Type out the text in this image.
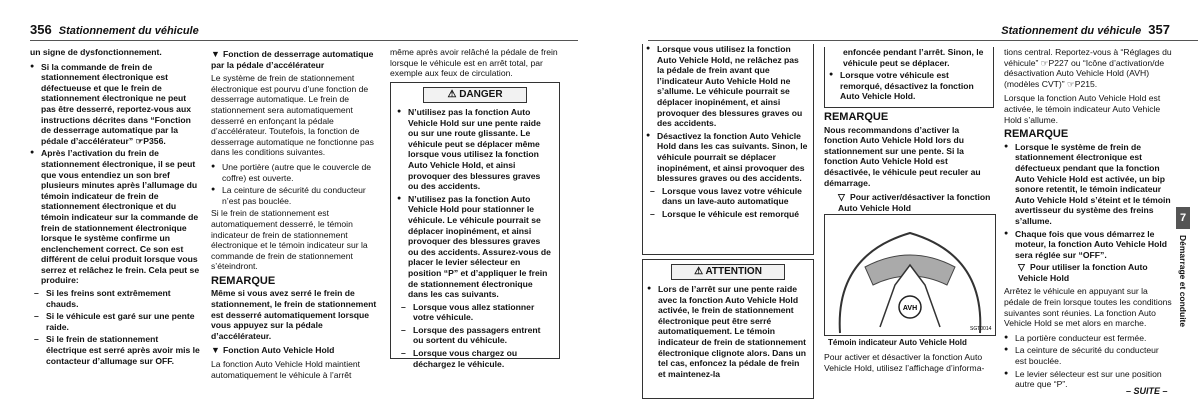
356 Stationnement du véhicule

un signe de dysfonctionnement.

● Si la commande de frein de stationnement électronique est défectueuse et que le frein de stationnement électronique ne peut pas être desserré, reportez-vous aux instructions décrites dans “Fonction de desserrage automatique par la pédale d’accélérateur” ☞P356.
● Après l’activation du frein de stationnement électronique, il se peut que vous entendiez un son bref plusieurs minutes après l’allumage du témoin indicateur de frein de stationnement électronique et du témoin indicateur sur la commande de frein de stationnement électronique lorsque le système confirme un enclenchement correct. Ce son est différent de celui produit lorsque vous serrez et relâchez le frein. Cela peut se produire:
– Si les freins sont extrêmement chauds.
– Si le véhicule est garé sur une pente raide.
– Si le frein de stationnement électrique est serré après avoir mis le contacteur d’allumage sur OFF.
▼ Fonction de desserrage automatique par la pédale d’accélérateur

Le système de frein de stationnement électronique est pourvu d’une fonction de desserrage automatique. Le frein de stationnement sera automatiquement desserré en enfonçant la pédale d’accélérateur. Toutefois, la fonction de desserrage automatique ne fonctionne pas dans les conditions suivantes.

● Une portière (autre que le couvercle de coffre) est ouverte.
● La ceinture de sécurité du conducteur n’est pas bouclée.

Si le frein de stationnement est automatiquement desserré, le témoin indicateur de frein de stationnement électronique et le témoin indicateur sur la commande de frein de stationnement s’éteindront.

REMARQUE

Même si vous avez serré le frein de stationnement, le frein de stationnement est desserré automatiquement lorsque vous appuyez sur la pédale d’accélérateur.

▼ Fonction Auto Vehicle Hold

La fonction Auto Vehicle Hold maintient automatiquement le véhicule à l’arrêt

même après avoir relâché la pédale de frein lorsque le véhicule est en arrêt total, par exemple aux feux de circulation.

⚠ DANGER
● N’utilisez pas la fonction Auto Vehicle Hold sur une pente raide ou sur une route glissante. Le véhicule peut se déplacer même lorsque vous utilisez la fonction Auto Vehicle Hold, et ainsi provoquer des blessures graves ou des accidents.
● N’utilisez pas la fonction Auto Vehicle Hold pour stationner le véhicule. Le véhicule pourrait se déplacer inopinément, et ainsi provoquer des blessures graves ou des accidents. Assurez-vous de placer le levier sélecteur en position “P” et d’appliquer le frein de stationnement électronique dans les cas suivants.
– Lorsque vous allez stationner votre véhicule.
– Lorsque des passagers entrent ou sortent du véhicule.
– Lorsque vous chargez ou déchargez le véhicule.
Stationnement du véhicule 357
● Lorsque vous utilisez la fonction Auto Vehicle Hold, ne relâchez pas la pédale de frein avant que l’indicateur Auto Vehicle Hold ne s’allume. Le véhicule pourrait se déplacer inopinément, et ainsi provoquer des blessures graves ou des accidents.
● Désactivez la fonction Auto Vehicle Hold dans les cas suivants. Sinon, le véhicule pourrait se déplacer inopinément, et ainsi provoquer des blessures graves ou des accidents.
– Lorsque vous lavez votre véhicule dans un lave-auto automatique
– Lorsque le véhicule est remorqué
⚠ ATTENTION
● Lors de l’arrêt sur une pente raide avec la fonction Auto Vehicle Hold activée, le frein de stationnement électronique peut être serré automatiquement. Le témoin indicateur de frein de stationnement électronique clignote alors. Dans un tel cas, enfoncez la pédale de frein et maintenez-la

enfoncée pendant l’arrêt. Sinon, le véhicule peut se déplacer.

● Lorsque votre véhicule est remorqué, désactivez la fonction Auto Vehicle Hold.
REMARQUE

Nous recommandons d’activer la fonction Auto Vehicle Hold lors du stationnement sur une pente. Si la fonction Auto Vehicle Hold est désactivée, le véhicule peut reculer au démarrage.

▽ Pour activer/désactiver la fonction Auto Vehicle Hold
AVH
SGT0014
Témoin indicateur Auto Vehicle Hold

Pour activer et désactiver la fonction Auto Vehicle Hold, utilisez l’affichage d’informa-

tions central. Reportez-vous à “Réglages du véhicule” ☞P227 ou “Icône d’activation/de désactivation Auto Vehicle Hold (AVH) (modèles CVT)” ☞P215.

Lorsque la fonction Auto Vehicle Hold est activée, le témoin indicateur Auto Vehicle Hold s’allume.

REMARQUE
● Lorsque le système de frein de stationnement électronique est défectueux pendant que la fonction Auto Vehicle Hold est activée, un bip sonore retentit, le témoin indicateur Auto Vehicle Hold s’éteint et le témoin avertisseur du système des freins s’allume.
● Chaque fois que vous démarrez le moteur, la fonction Auto Vehicle Hold sera réglée sur “OFF”.
▽ Pour utiliser la fonction Auto Vehicle Hold

Arrêtez le véhicule en appuyant sur la pédale de frein lorsque toutes les conditions suivantes sont réunies. La fonction Auto Vehicle Hold se met alors en marche.

● La portière conducteur est fermée.
● La ceinture de sécurité du conducteur est bouclée.
● Le levier sélecteur est sur une position autre que “P”.
7
Démarrage et conduite
– SUITE –
